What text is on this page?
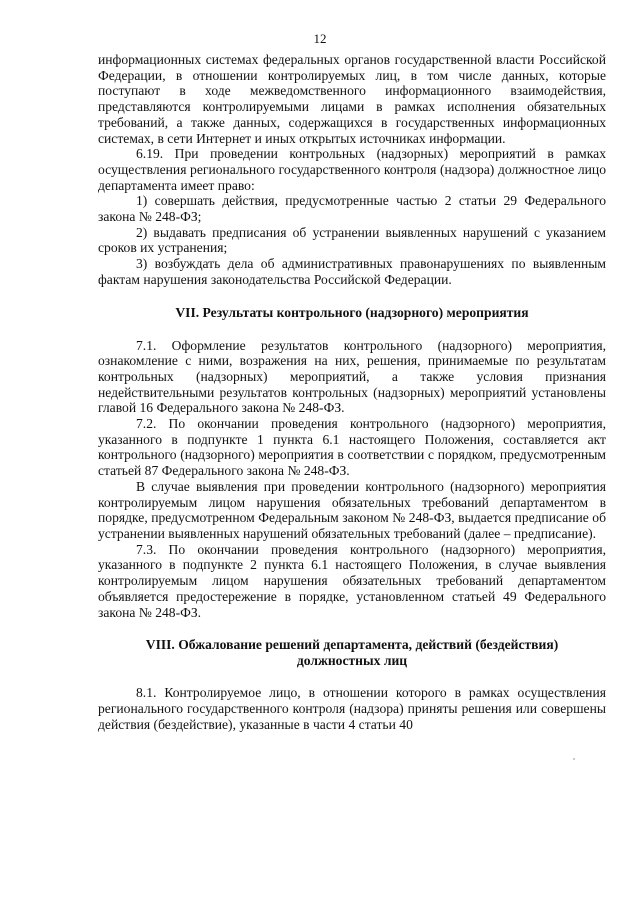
12

информационных системах федеральных органов государственной власти Российской Федерации, в отношении контролируемых лиц, в том числе данных, которые поступают в ходе межведомственного информационного взаимодействия, представляются контролируемыми лицами в рамках исполнения обязательных требований, а также данных, содержащихся в государственных информационных системах, в сети Интернет и иных открытых источниках информации.

6.19. При проведении контрольных (надзорных) мероприятий в рамках осуществления регионального государственного контроля (надзора) должностное лицо департамента имеет право:

1) совершать действия, предусмотренные частью 2 статьи 29 Федерального закона № 248-ФЗ;

2) выдавать предписания об устранении выявленных нарушений с указанием сроков их устранения;

3) возбуждать дела об административных правонарушениях по выявленным фактам нарушения законодательства Российской Федерации.

VII. Результаты контрольного (надзорного) мероприятия

7.1. Оформление результатов контрольного (надзорного) мероприятия, ознакомление с ними, возражения на них, решения, принимаемые по результатам контрольных (надзорных) мероприятий, а также условия признания недействительными результатов контрольных (надзорных) мероприятий установлены главой 16 Федерального закона № 248-ФЗ.

7.2. По окончании проведения контрольного (надзорного) мероприятия, указанного в подпункте 1 пункта 6.1 настоящего Положения, составляется акт контрольного (надзорного) мероприятия в соответствии с порядком, предусмотренным статьей 87 Федерального закона № 248-ФЗ.

В случае выявления при проведении контрольного (надзорного) мероприятия контролируемым лицом нарушения обязательных требований департаментом в порядке, предусмотренном Федеральным законом № 248-ФЗ, выдается предписание об устранении выявленных нарушений обязательных требований (далее – предписание).

7.3. По окончании проведения контрольного (надзорного) мероприятия, указанного в подпункте 2 пункта 6.1 настоящего Положения, в случае выявления контролируемым лицом нарушения обязательных требований департаментом объявляется предостережение в порядке, установленном статьей 49 Федерального закона № 248-ФЗ.

VIII. Обжалование решений департамента, действий (бездействия)
должностных лиц

8.1. Контролируемое лицо, в отношении которого в рамках осуществления регионального государственного контроля (надзора) приняты решения или совершены действия (бездействие), указанные в части 4 статьи 40
